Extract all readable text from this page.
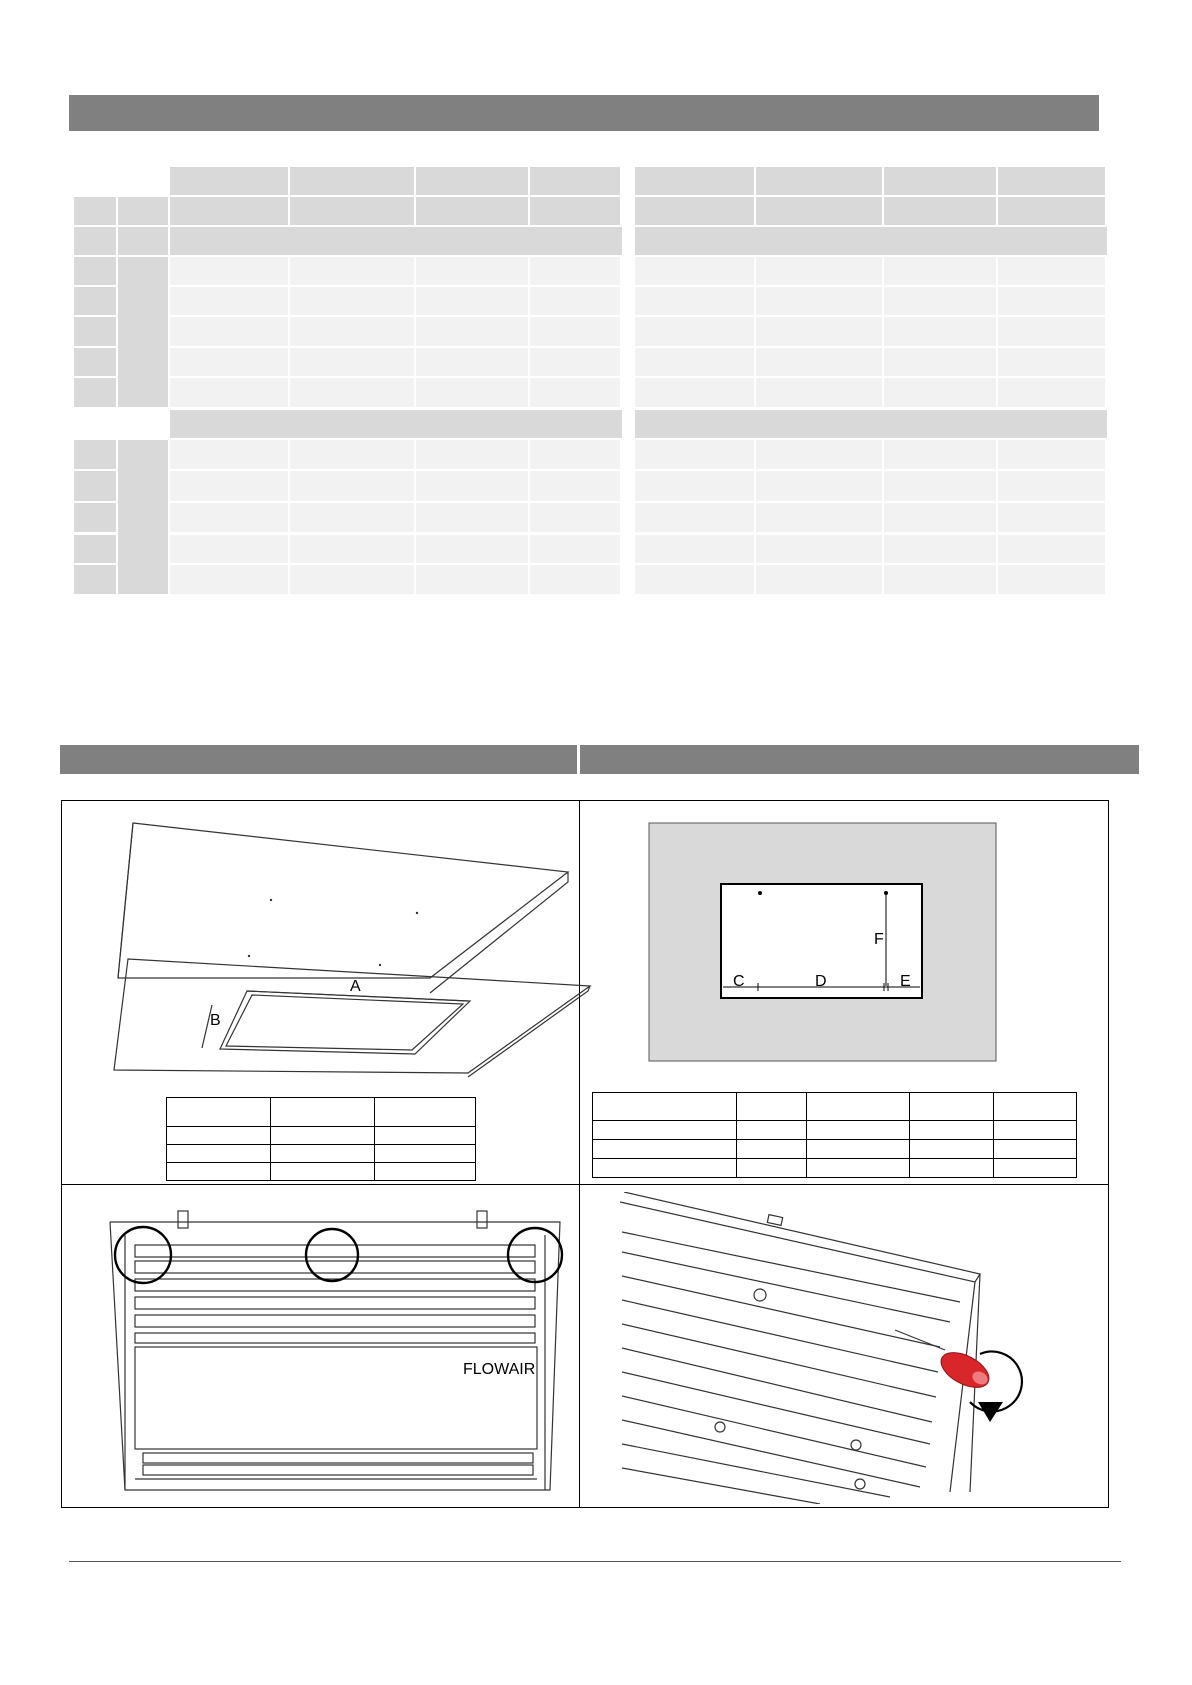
A
B

F
C	D	E

FLOWAIR
